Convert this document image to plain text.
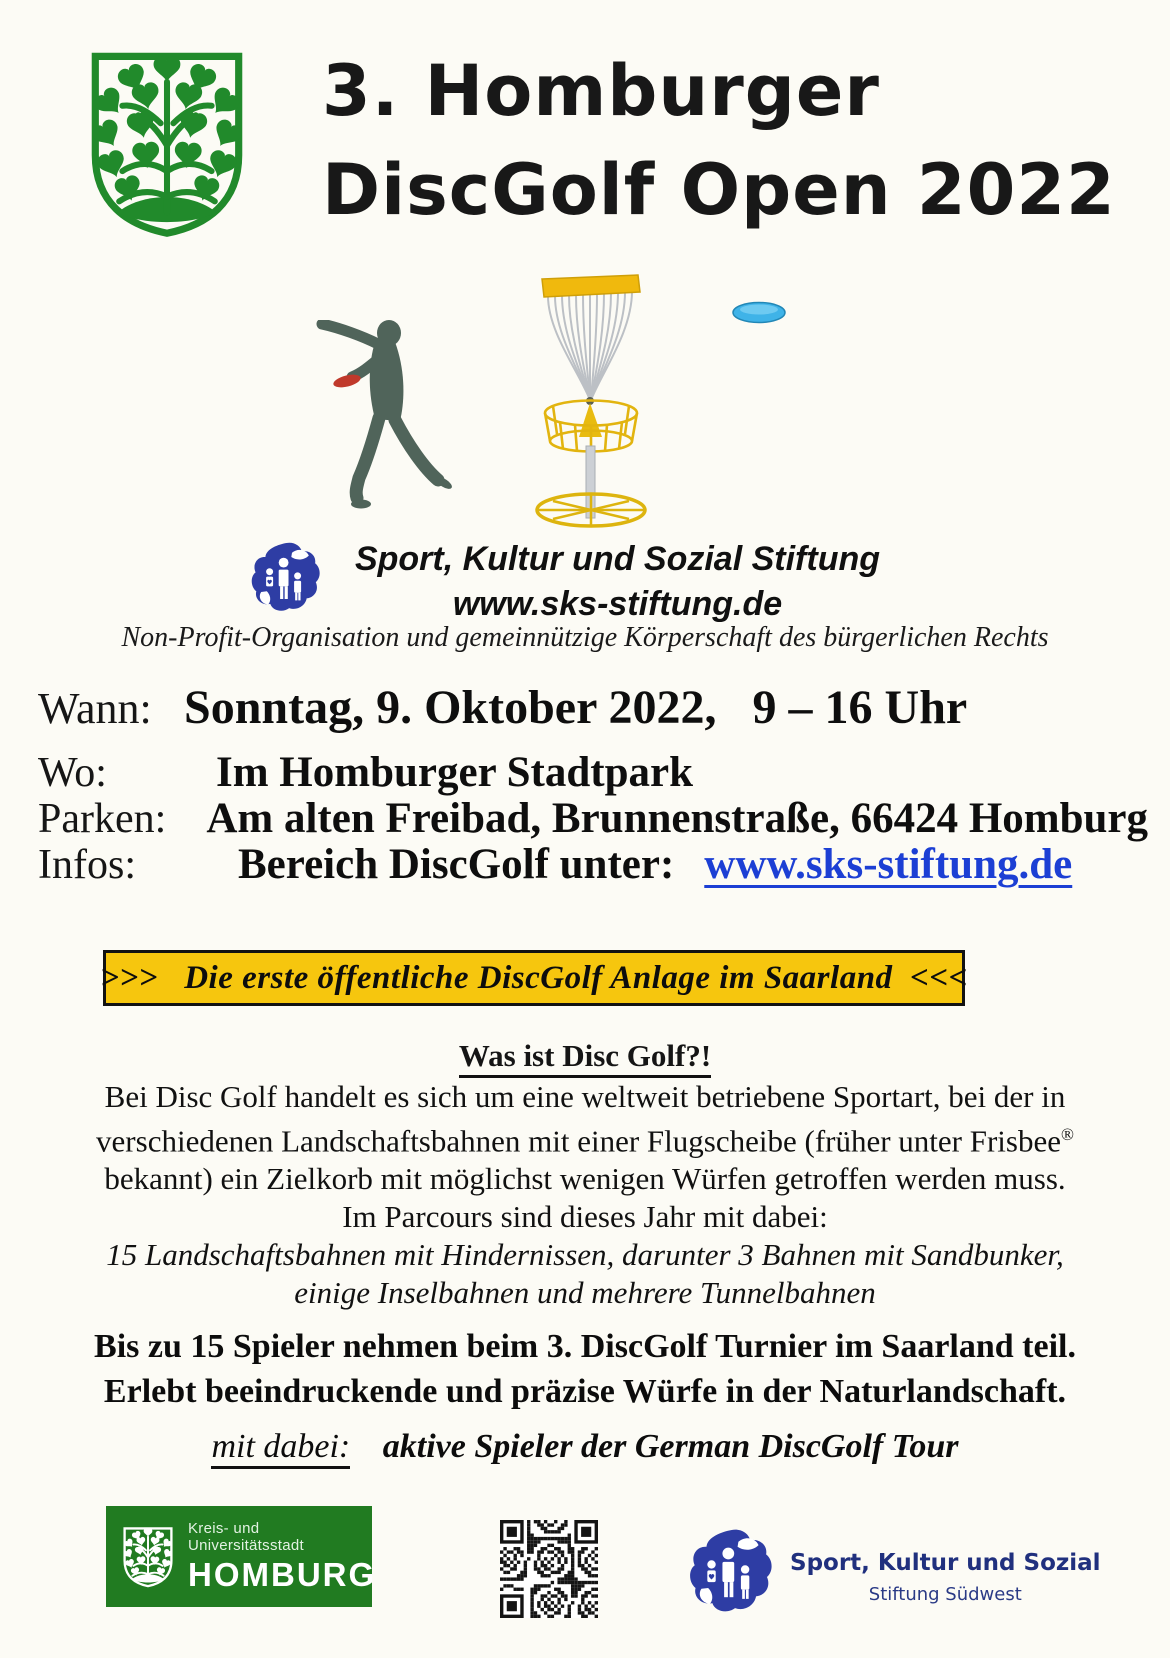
3. Homburger
DiscGolf Open 2022
Sport, Kultur und Sozial Stiftung
www.sks-stiftung.de
Non-Profit-Organisation und gemeinnützige Körperschaft des bürgerlichen Rechts
Wann: Sonntag, 9. Oktober 2022,   9 – 16 Uhr
Wo:	Im Homburger Stadtpark
Parken: Am alten Freibad, Brunnenstraße, 66424 Homburg
Infos:	Bereich DiscGolf unter: www.sks-stiftung.de
>>>   Die erste öffentliche DiscGolf Anlage im Saarland  <<<
Was ist Disc Golf?!
Bei Disc Golf handelt es sich um eine weltweit betriebene Sportart, bei der in
verschiedenen Landschaftsbahnen mit einer Flugscheibe (früher unter Frisbee®
bekannt) ein Zielkorb mit möglichst wenigen Würfen getroffen werden muss.
Im Parcours sind dieses Jahr mit dabei:
15 Landschaftsbahnen mit Hindernissen, darunter 3 Bahnen mit Sandbunker,
einige Inselbahnen und mehrere Tunnelbahnen
Bis zu 15 Spieler nehmen beim 3. DiscGolf Turnier im Saarland teil.
Erlebt beeindruckende und präzise Würfe in der Naturlandschaft.
mit dabei: aktive Spieler der German DiscGolf Tour
Kreis- und Universitätsstadt
HOMBURG	Sport, Kultur und Sozial
Stiftung Südwest
